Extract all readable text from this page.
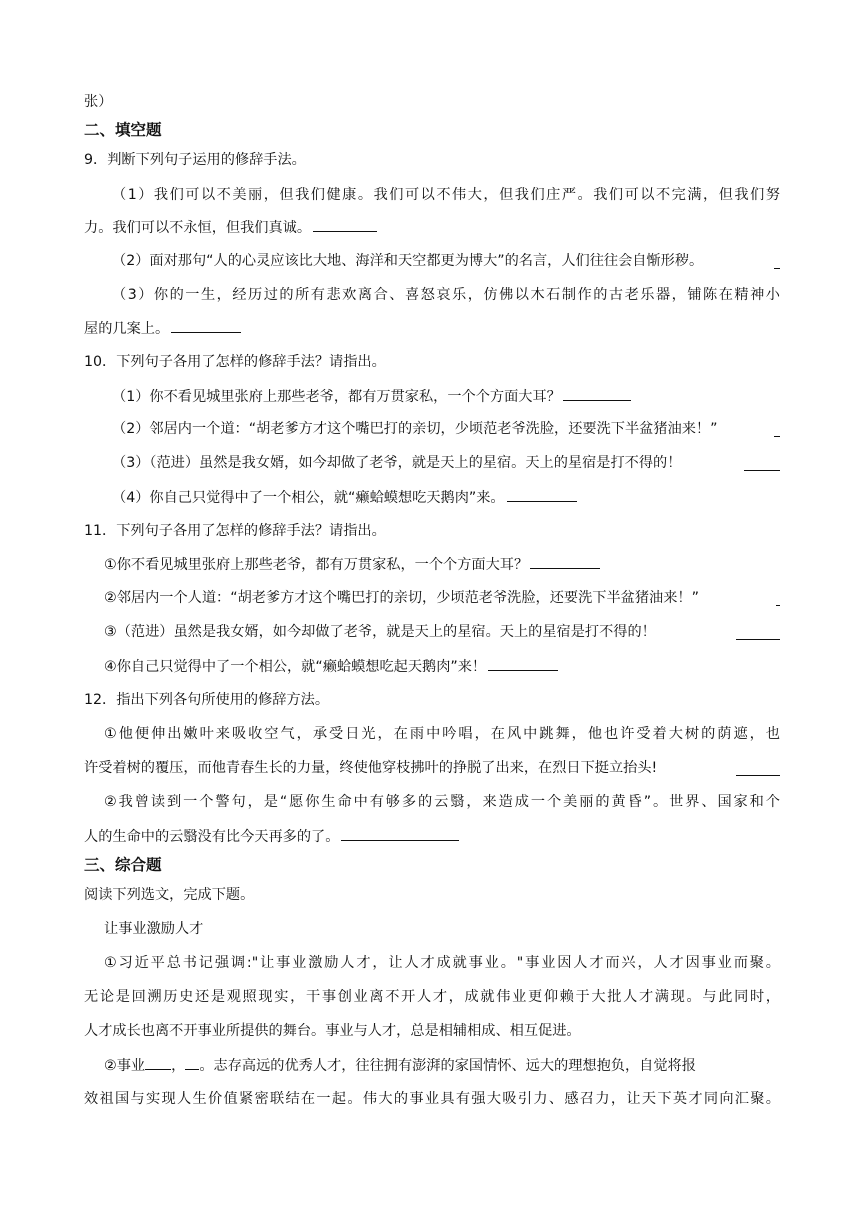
张）
二、填空题
9．判断下列句子运用的修辞手法。
（1）我们可以不美丽，但我们健康。我们可以不伟大，但我们庄严。我们可以不完满，但我们努
力。我们可以不永恒，但我们真诚。
（2）面对那句“人的心灵应该比大地、海洋和天空都更为博大”的名言，人们往往会自惭形秽。
（3）你的一生，经历过的所有悲欢离合、喜怒哀乐，仿佛以木石制作的古老乐器，铺陈在精神小
屋的几案上。
10．下列句子各用了怎样的修辞手法？请指出。
（1）你不看见城里张府上那些老爷，都有万贯家私，一个个方面大耳？
（2）邻居内一个道：“胡老爹方才这个嘴巴打的亲切，少顷范老爷洗脸，还要洗下半盆猪油来！”
（3）（范进）虽然是我女婿，如今却做了老爷，就是天上的星宿。天上的星宿是打不得的！
（4）你自己只觉得中了一个相公，就“癞蛤蟆想吃天鹅肉”来。
11．下列句子各用了怎样的修辞手法？请指出。
①你不看见城里张府上那些老爷，都有万贯家私，一个个方面大耳？
②邻居内一个人道：“胡老爹方才这个嘴巴打的亲切，少顷范老爷洗脸，还要洗下半盆猪油来！”
③（范进）虽然是我女婿，如今却做了老爷，就是天上的星宿。天上的星宿是打不得的！
④你自己只觉得中了一个相公，就“癞蛤蟆想吃起天鹅肉”来！
12．指出下列各句所使用的修辞方法。
①他便伸出嫩叶来吸收空气，承受日光，在雨中吟唱，在风中跳舞，他也许受着大树的荫遮，也
许受着树的覆压，而他青春生长的力量，终使他穿枝拂叶的挣脱了出来，在烈日下挺立抬头!
②我曾读到一个警句，是“愿你生命中有够多的云翳，来造成一个美丽的黄昏”。世界、国家和个
人的生命中的云翳没有比今天再多的了。
三、综合题
阅读下列选文，完成下题。
让事业激励人才
①习近平总书记强调:"让事业激励人才，让人才成就事业。"事业因人才而兴，人才因事业而聚。
无论是回溯历史还是观照现实，干事创业离不开人才，成就伟业更仰赖于大批人才满现。与此同时，
人才成长也离不开事业所提供的舞台。事业与人才，总是相辅相成、相互促进。
②事业 ， 。志存高远的优秀人才，往往拥有澎湃的家国情怀、远大的理想抱负，自觉将报
效祖国与实现人生价值紧密联结在一起。伟大的事业具有强大吸引力、感召力，让天下英才同向汇聚。
